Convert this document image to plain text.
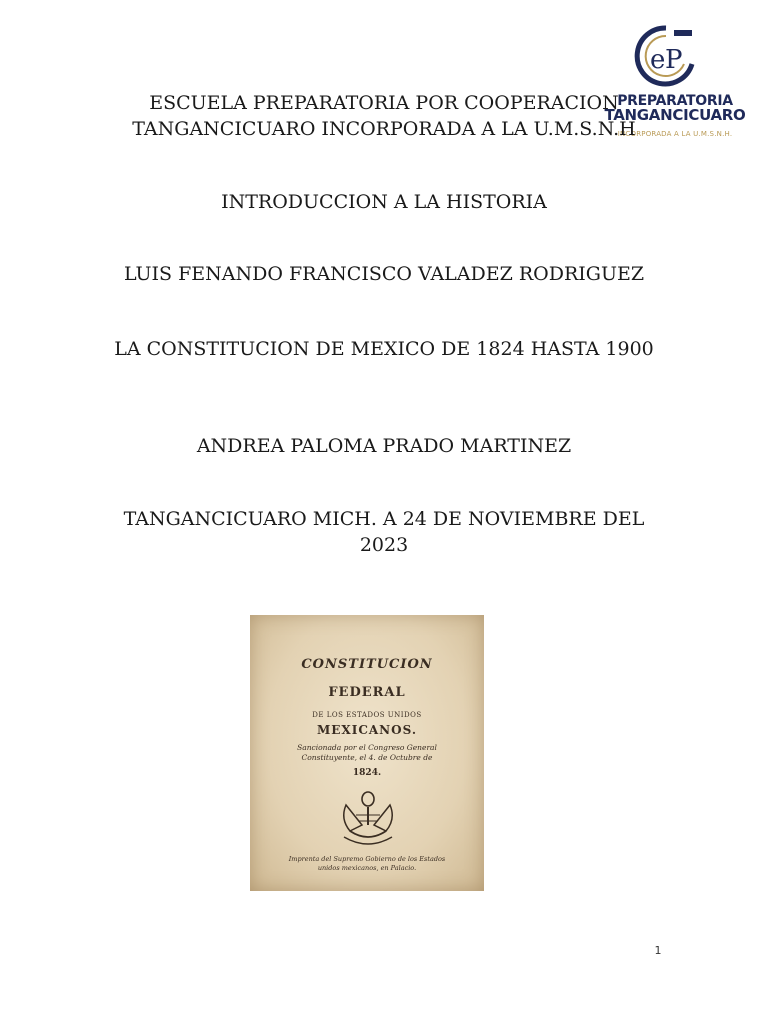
e P
PREPARATORIA
TANGANCICUARO
INCORPORADA A LA U.M.S.N.H.

ESCUELA PREPARATORIA POR COOPERACION

TANGANCICUARO INCORPORADA A LA U.M.S.N.H

INTRODUCCION A LA HISTORIA

LUIS FENANDO FRANCISCO VALADEZ RODRIGUEZ

LA CONSTITUCION DE MEXICO DE 1824 HASTA 1900

ANDREA PALOMA PRADO MARTINEZ

TANGANCICUARO MICH. A 24 DE NOVIEMBRE DEL 2023

CONSTITUCION
FEDERAL
DE LOS ESTADOS UNIDOS
MEXICANOS.
Sancionada por el Congreso General Constituyente, el 4. de Octubre de
1824.
Imprenta del Supremo Gobierno de los Estados unidos mexicanos, en Palacio.
1
